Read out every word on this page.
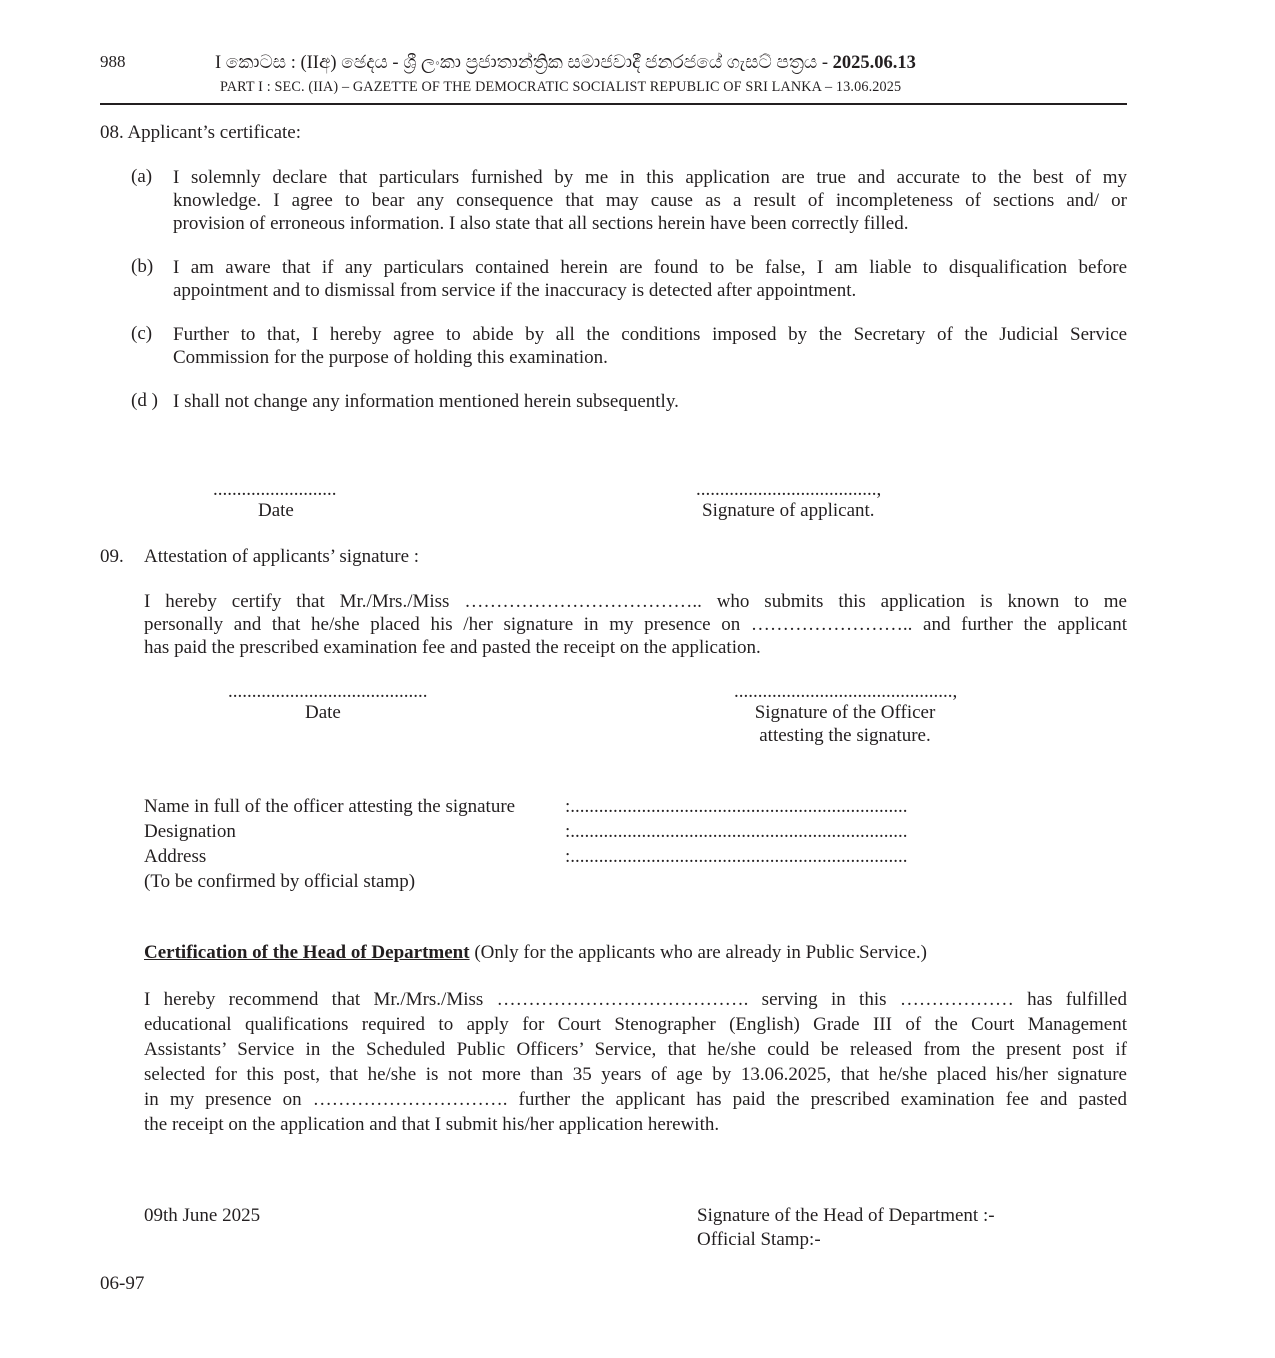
988	I කොටස : (IIඅ) ඡෙදය - ශ්‍රී ලංකා ප්‍රජාතාන්ත්‍රික සමාජවාදී ජනරජයේ ගැසට් පත්‍රය - 2025.06.13
PART I : SEC. (IIA) – GAZETTE OF THE DEMOCRATIC SOCIALIST REPUBLIC OF SRI LANKA – 13.06.2025
08. Applicant’s certificate:
(a) I solemnly declare that particulars furnished by me in this application are true and accurate to the best of my
knowledge. I agree to bear any consequence that may cause as a result of incompleteness of sections and/ or
provision of erroneous information. I also state that all sections herein have been correctly filled.
(b) I am aware that if any particulars contained herein are found to be false, I am liable to disqualification before
appointment and to dismissal from service if the inaccuracy is detected after appointment.
(c) Further to that, I hereby agree to abide by all the conditions imposed by the Secretary of the Judicial Service
Commission for the purpose of holding this examination.
(d ) I shall not change any information mentioned herein subsequently.
..........................
Date
......................................,
Signature of applicant.
09. Attestation of applicants’ signature :
I hereby certify that Mr./Mrs./Miss ……………………………….. who submits this application is known to me
personally and that he/she placed his /her signature in my presence on …………………….. and further the applicant
has paid the prescribed examination fee and pasted the receipt on the application.
..........................................
Date
..............................................,
Signature of the Officer
attesting the signature.
Name in full of the officer attesting the signature	:.......................................................................
Designation	:.......................................................................
Address	:.......................................................................
(To be confirmed by official stamp)
Certification of the Head of Department (Only for the applicants who are already in Public Service.)
I hereby recommend that Mr./Mrs./Miss …………………………………. serving in this ……………… has fulfilled
educational qualifications required to apply for Court Stenographer (English) Grade III of the Court Management
Assistants’ Service in the Scheduled Public Officers’ Service, that he/she could be released from the present post if
selected for this post, that he/she is not more than 35 years of age by 13.06.2025, that he/she placed his/her signature
in my presence on …………………………. further the applicant has paid the prescribed examination fee and pasted
the receipt on the application and that I submit his/her application herewith.
09th June 2025	Signature of the Head of Department :-
Official Stamp:-
06-97
